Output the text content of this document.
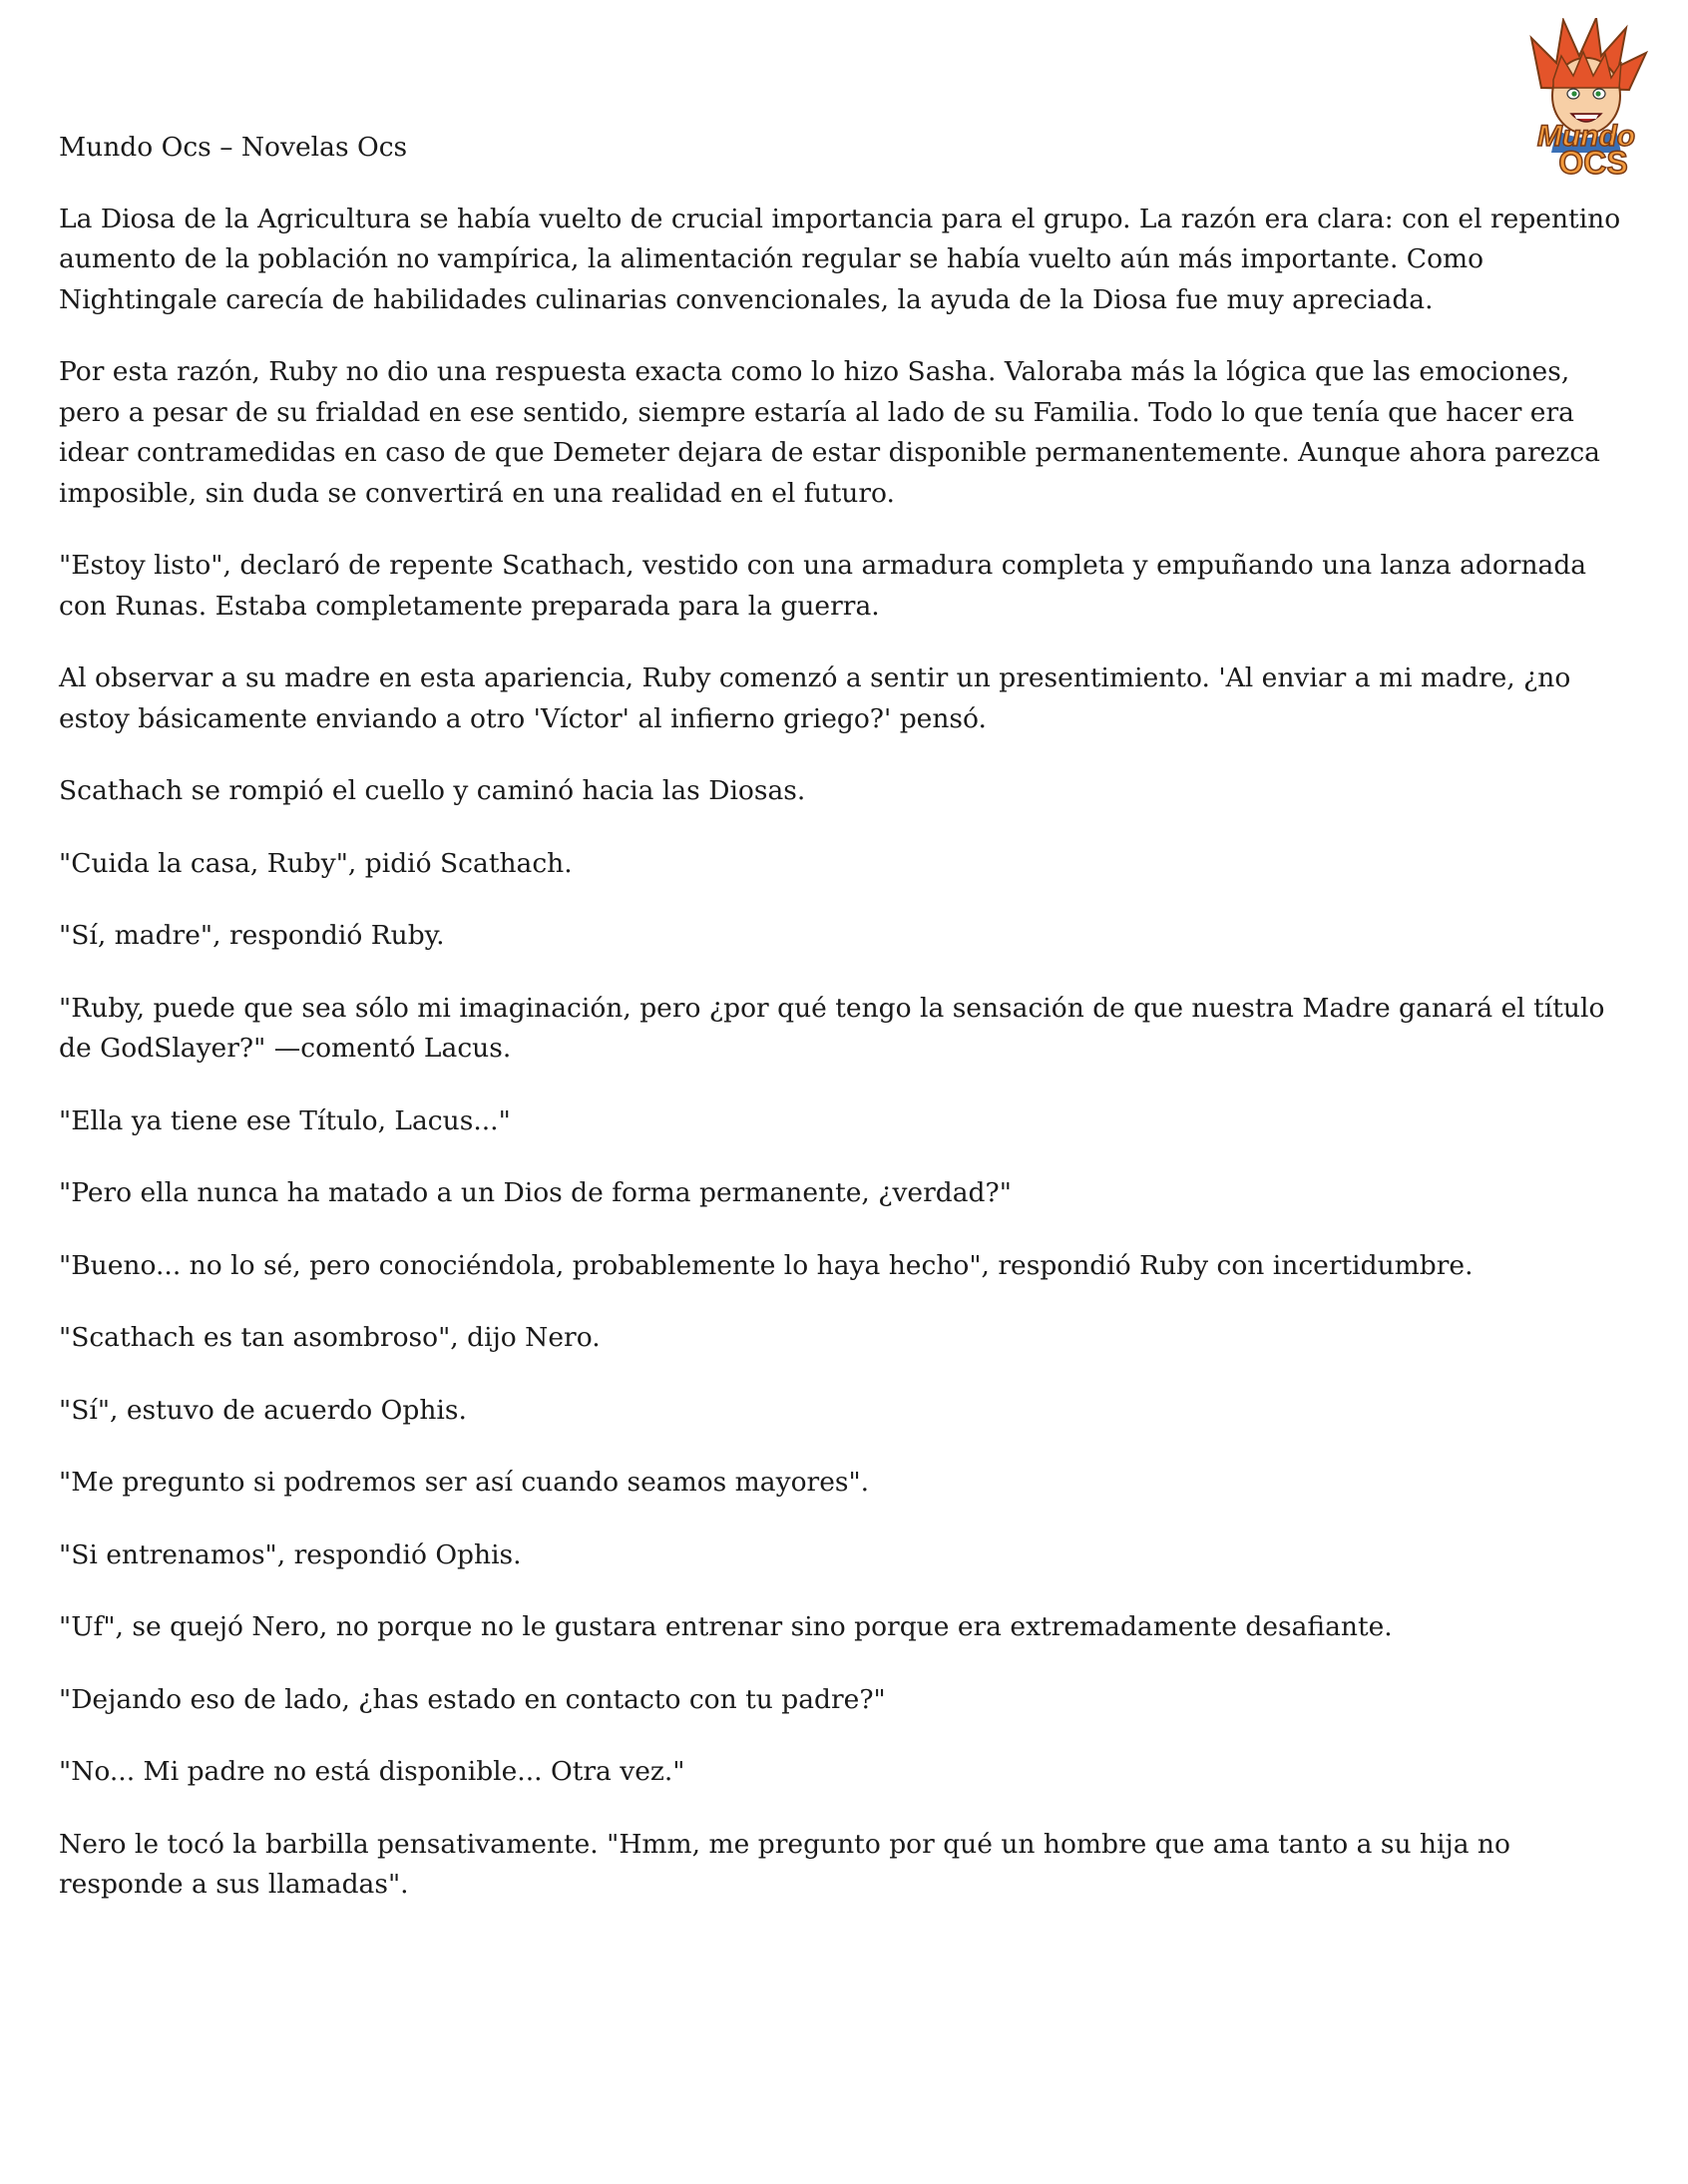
Mundo
OCS

Mundo Ocs – Novelas Ocs

La Diosa de la Agricultura se había vuelto de crucial importancia para el grupo. La razón era clara: con el repentino aumento de la población no vampírica, la alimentación regular se había vuelto aún más importante. Como Nightingale carecía de habilidades culinarias convencionales, la ayuda de la Diosa fue muy apreciada.

Por esta razón, Ruby no dio una respuesta exacta como lo hizo Sasha. Valoraba más la lógica que las emociones, pero a pesar de su frialdad en ese sentido, siempre estaría al lado de su Familia. Todo lo que tenía que hacer era idear contramedidas en caso de que Demeter dejara de estar disponible permanentemente. Aunque ahora parezca imposible, sin duda se convertirá en una realidad en el futuro.

"Estoy listo", declaró de repente Scathach, vestido con una armadura completa y empuñando una lanza adornada con Runas. Estaba completamente preparada para la guerra.

Al observar a su madre en esta apariencia, Ruby comenzó a sentir un presentimiento. 'Al enviar a mi madre, ¿no estoy básicamente enviando a otro 'Víctor' al infierno griego?' pensó.

Scathach se rompió el cuello y caminó hacia las Diosas.

"Cuida la casa, Ruby", pidió Scathach.

"Sí, madre", respondió Ruby.

"Ruby, puede que sea sólo mi imaginación, pero ¿por qué tengo la sensación de que nuestra Madre ganará el título de GodSlayer?" —comentó Lacus.

"Ella ya tiene ese Título, Lacus..."

"Pero ella nunca ha matado a un Dios de forma permanente, ¿verdad?"

"Bueno... no lo sé, pero conociéndola, probablemente lo haya hecho", respondió Ruby con incertidumbre.

"Scathach es tan asombroso", dijo Nero.

"Sí", estuvo de acuerdo Ophis.

"Me pregunto si podremos ser así cuando seamos mayores".

"Si entrenamos", respondió Ophis.

"Uf", se quejó Nero, no porque no le gustara entrenar sino porque era extremadamente desafiante.

"Dejando eso de lado, ¿has estado en contacto con tu padre?"

"No... Mi padre no está disponible... Otra vez."

Nero le tocó la barbilla pensativamente. "Hmm, me pregunto por qué un hombre que ama tanto a su hija no responde a sus llamadas".
